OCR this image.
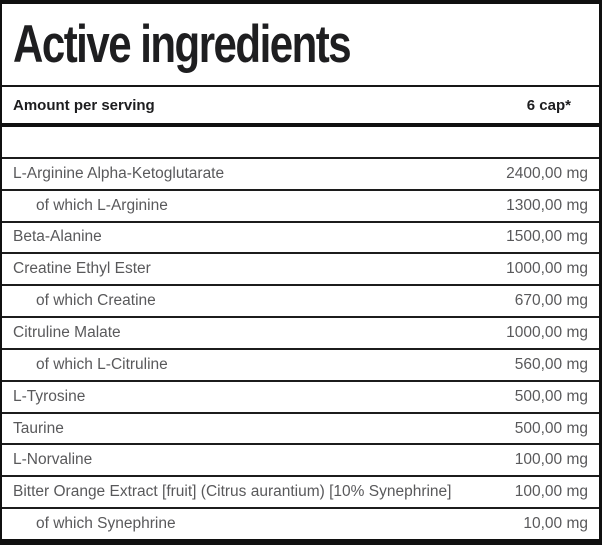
Active ingredients
Amount per serving	6 cap*
L-Arginine Alpha-Ketoglutarate	2400,00 mg
of which L-Arginine	1300,00 mg
Beta-Alanine	1500,00 mg
Creatine Ethyl Ester	1000,00 mg
of which Creatine	670,00 mg
Citruline Malate	1000,00 mg
of which L-Citruline	560,00 mg
L-Tyrosine	500,00 mg
Taurine	500,00 mg
L-Norvaline	100,00 mg
Bitter Orange Extract [fruit] (Citrus aurantium) [10% Synephrine]	100,00 mg
of which Synephrine	10,00 mg
